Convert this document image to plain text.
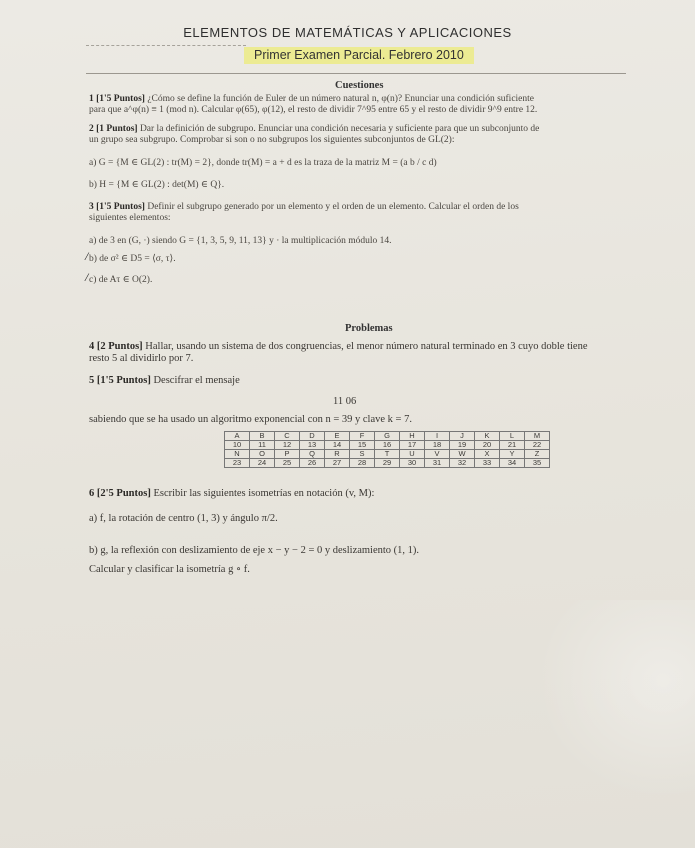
ELEMENTOS DE MATEMÁTICAS Y APLICACIONES
Primer Examen Parcial. Febrero 2010
Cuestiones
1 [1'5 Puntos] ¿Cómo se define la función de Euler de un número natural n, φ(n)? Enunciar una condición suficiente
para que a^φ(n) ≡ 1 (mod n). Calcular φ(65), φ(12), el resto de dividir 7^95 entre 65 y el resto de dividir 9^9 entre 12.
2 [1 Puntos] Dar la definición de subgrupo. Enunciar una condición necesaria y suficiente para que un subconjunto de
un grupo sea subgrupo. Comprobar si son o no subgrupos los siguientes subconjuntos de GL(2):
a) G = {M ∈ GL(2) : tr(M) = 2}, donde tr(M) = a + d es la traza de la matriz M = (a b / c d)
b) H = {M ∈ GL(2) : det(M) ∈ Q}.
3 [1'5 Puntos] Definir el subgrupo generado por un elemento y el orden de un elemento. Calcular el orden de los
siguientes elementos:
a) de 3 en (G, ·) siendo G = {1, 3, 5, 9, 11, 13} y · la multiplicación módulo 14.
b) de σ² ∈ D5 = ⟨σ, τ⟩.
c) de Aτ ∈ O(2).
/
/
Problemas
4 [2 Puntos] Hallar, usando un sistema de dos congruencias, el menor número natural terminado en 3 cuyo doble tiene
resto 5 al dividirlo por 7.
5 [1'5 Puntos] Descifrar el mensaje
11 06
sabiendo que se ha usado un algoritmo exponencial con n = 39 y clave k = 7.
A	B	C	D	E	F	G	H	I	J	K	L	M
10	11	12	13	14	15	16	17	18	19	20	21	22
N	O	P	Q	R	S	T	U	V	W	X	Y	Z
23	24	25	26	27	28	29	30	31	32	33	34	35
6 [2'5 Puntos] Escribir las siguientes isometrías en notación (v, M):
a) f, la rotación de centro (1, 3) y ángulo π/2.
b) g, la reflexión con deslizamiento de eje x − y − 2 = 0 y deslizamiento (1, 1).
Calcular y clasificar la isometría g ∘ f.
